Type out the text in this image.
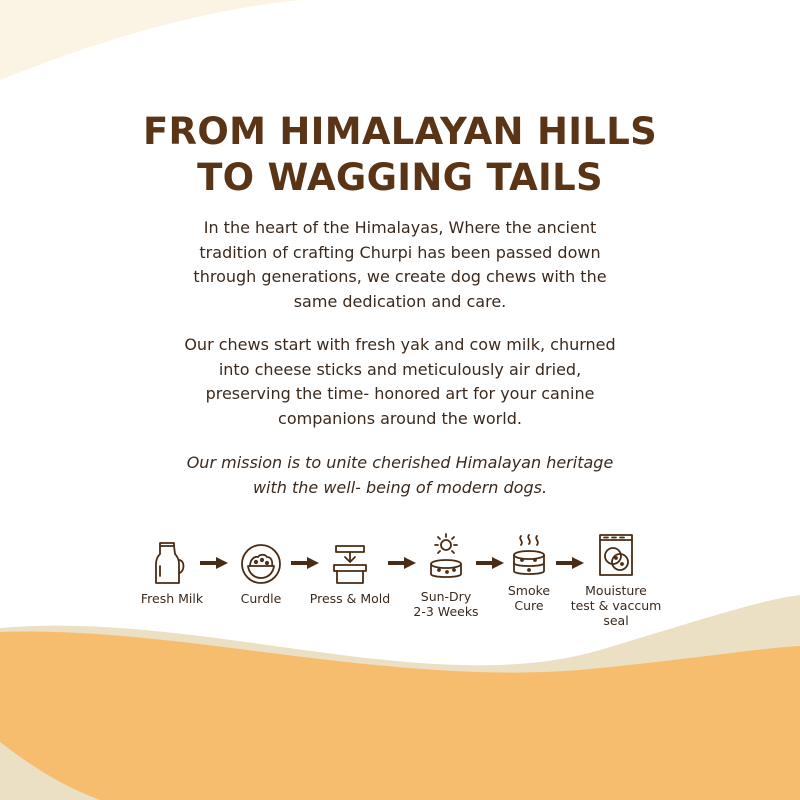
FROM HIMALAYAN HILLS
TO WAGGING TAILS

In the heart of the Himalayas, Where the ancient tradition of crafting Churpi has been passed down through generations, we create dog chews with the same dedication and care.

Our chews start with fresh yak and cow milk, churned into cheese sticks and meticulously air dried, preserving the time- honored art for your canine companions around the world.

Our mission is to unite cherished Himalayan heritage with the well- being of modern dogs.

Fresh Milk	Curdle	Press & Mold	Sun-Dry
2-3 Weeks
Smoke
Cure
Mouisture
test & vaccum
seal
